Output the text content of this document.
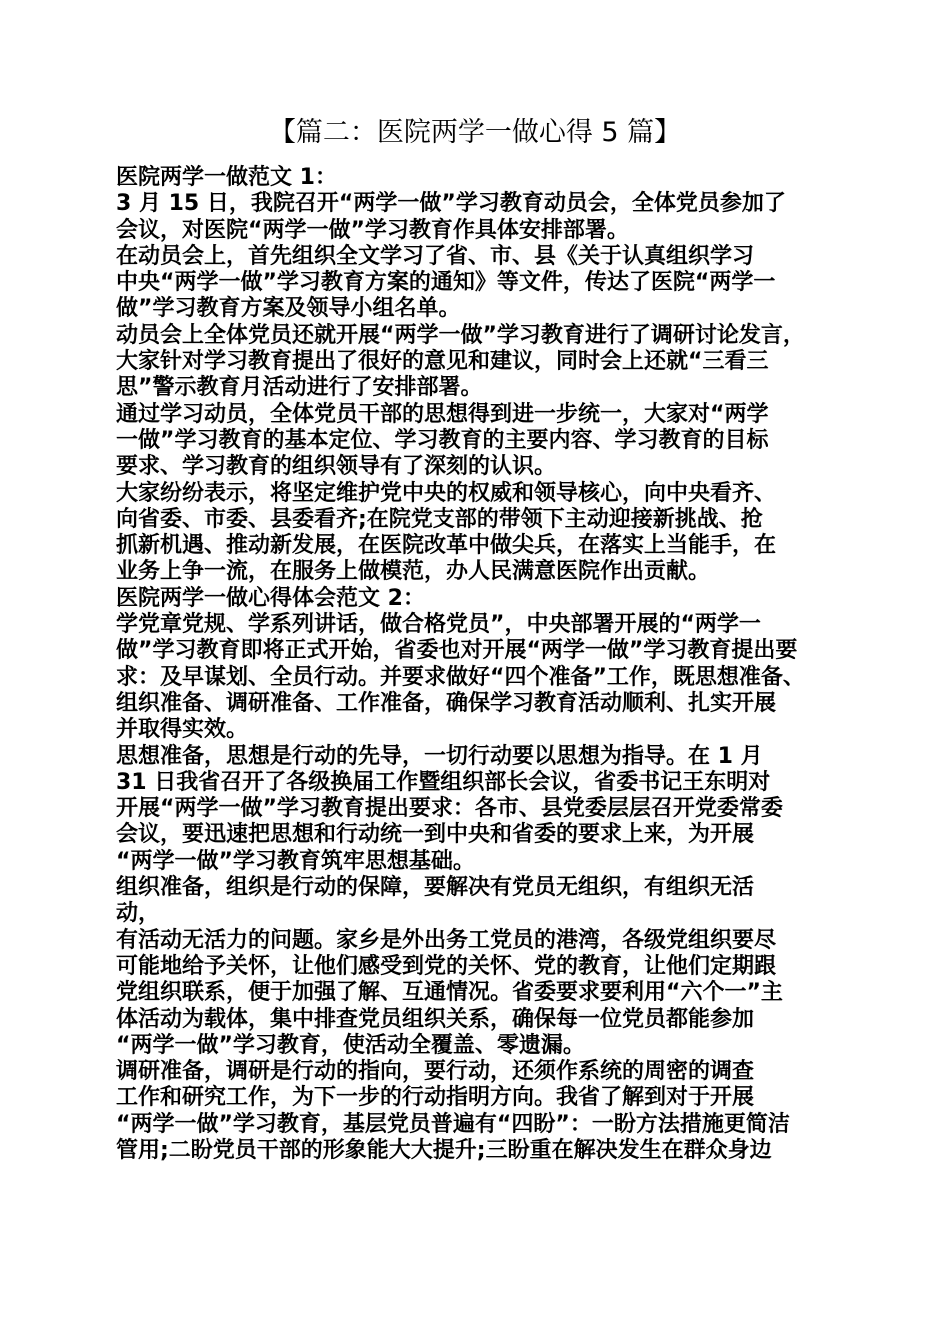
【篇二：医院两学一做心得 5 篇】
医院两学一做范文 1：
3 月 15 日，我院召开“两学一做”学习教育动员会，全体党员参加了
会议，对医院“两学一做”学习教育作具体安排部署。
在动员会上，首先组织全文学习了省、市、县《关于认真组织学习
中央“两学一做”学习教育方案的通知》等文件，传达了医院“两学一
做”学习教育方案及领导小组名单。
动员会上全体党员还就开展“两学一做”学习教育进行了调研讨论发言，
大家针对学习教育提出了很好的意见和建议，同时会上还就“三看三
思”警示教育月活动进行了安排部署。
通过学习动员，全体党员干部的思想得到进一步统一，大家对“两学
一做”学习教育的基本定位、学习教育的主要内容、学习教育的目标
要求、学习教育的组织领导有了深刻的认识。
大家纷纷表示，将坚定维护党中央的权威和领导核心，向中央看齐、
向省委、市委、县委看齐;在院党支部的带领下主动迎接新挑战、抢
抓新机遇、推动新发展，在医院改革中做尖兵，在落实上当能手，在
业务上争一流，在服务上做模范，办人民满意医院作出贡献。
医院两学一做心得体会范文 2：
学党章党规、学系列讲话，做合格党员”，中央部署开展的“两学一
做”学习教育即将正式开始，省委也对开展“两学一做”学习教育提出要
求：及早谋划、全员行动。并要求做好“四个准备”工作，既思想准备、
组织准备、调研准备、工作准备，确保学习教育活动顺利、扎实开展
并取得实效。
思想准备，思想是行动的先导，一切行动要以思想为指导。在 1 月
31 日我省召开了各级换届工作暨组织部长会议，省委书记王东明对
开展“两学一做”学习教育提出要求：各市、县党委层层召开党委常委
会议，要迅速把思想和行动统一到中央和省委的要求上来，为开展
“两学一做”学习教育筑牢思想基础。
组织准备，组织是行动的保障，要解决有党员无组织，有组织无活
动，
有活动无活力的问题。家乡是外出务工党员的港湾，各级党组织要尽
可能地给予关怀，让他们感受到党的关怀、党的教育，让他们定期跟
党组织联系，便于加强了解、互通情况。省委要求要利用“六个一”主
体活动为载体，集中排查党员组织关系，确保每一位党员都能参加
“两学一做”学习教育，使活动全覆盖、零遗漏。
调研准备，调研是行动的指向，要行动，还须作系统的周密的调查
工作和研究工作，为下一步的行动指明方向。我省了解到对于开展
“两学一做”学习教育，基层党员普遍有“四盼”：一盼方法措施更简洁
管用;二盼党员干部的形象能大大提升;三盼重在解决发生在群众身边
